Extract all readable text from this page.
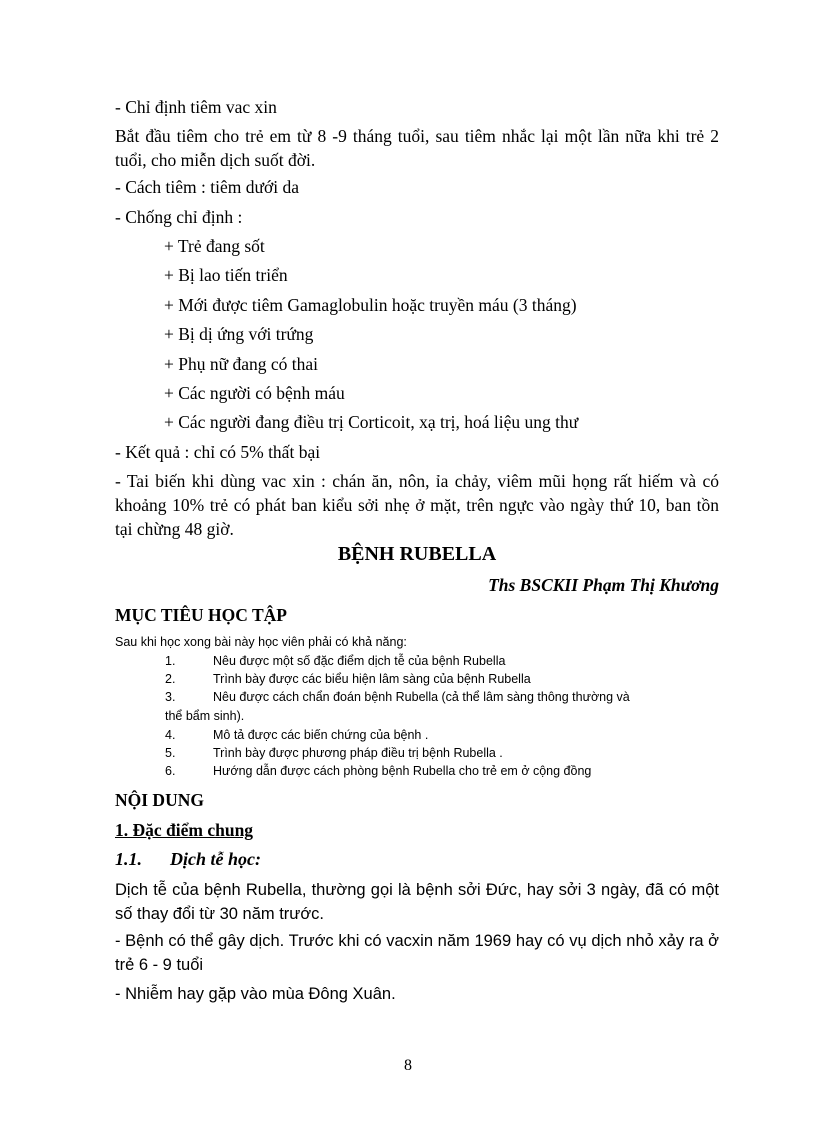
- Chỉ định tiêm vac xin
Bắt đầu tiêm cho trẻ em từ 8 -9 tháng tuổi, sau tiêm nhắc lại một lần nữa khi trẻ 2 tuổi, cho miễn dịch suốt đời.
- Cách tiêm : tiêm dưới da
- Chống chỉ định :
+ Trẻ đang sốt
+ Bị lao tiến triển
+ Mới được tiêm Gamaglobulin hoặc truyền máu (3 tháng)
+ Bị dị ứng với trứng
+ Phụ nữ đang có thai
+ Các người có bệnh máu
+ Các người đang điều trị Corticoit, xạ trị, hoá liệu ung thư
- Kết quả : chỉ có 5% thất bại
- Tai biến khi dùng vac xin : chán ăn, nôn, ỉa chảy, viêm mũi họng rất hiếm và có khoảng 10% trẻ có phát ban kiểu sởi nhẹ ở mặt, trên ngực vào ngày thứ 10, ban tồn tại chừng 48 giờ.
BỆNH RUBELLA
Ths BSCKII Phạm Thị Khương
MỤC TIÊU HỌC TẬP
Sau khi học xong bài này học viên phải có khả năng:
1.	Nêu được một số đặc điểm dịch tễ của bệnh Rubella
2.	Trình bày được các biểu hiện lâm sàng của bệnh Rubella
3.	Nêu được cách chẩn đoán bệnh Rubella (cả thể lâm sàng thông thường và
thể bẩm sinh).
4.	Mô tả được các biến chứng của bệnh .
5.	Trình bày được phương pháp điều trị bệnh Rubella .
6.	Hướng dẫn được cách phòng bệnh Rubella cho trẻ em ở cộng đồng
NỘI DUNG
1. Đặc điểm chung
1.1. Dịch tễ học:
Dịch tễ của bệnh Rubella, thường gọi là bệnh sởi Đức, hay sởi 3 ngày, đã có một số thay đổi từ 30 năm trước.
- Bệnh có thể gây dịch. Trước khi có vacxin năm 1969 hay có vụ dịch nhỏ xảy ra ở trẻ 6 - 9 tuổi
- Nhiễm hay gặp vào mùa Đông Xuân.
8
